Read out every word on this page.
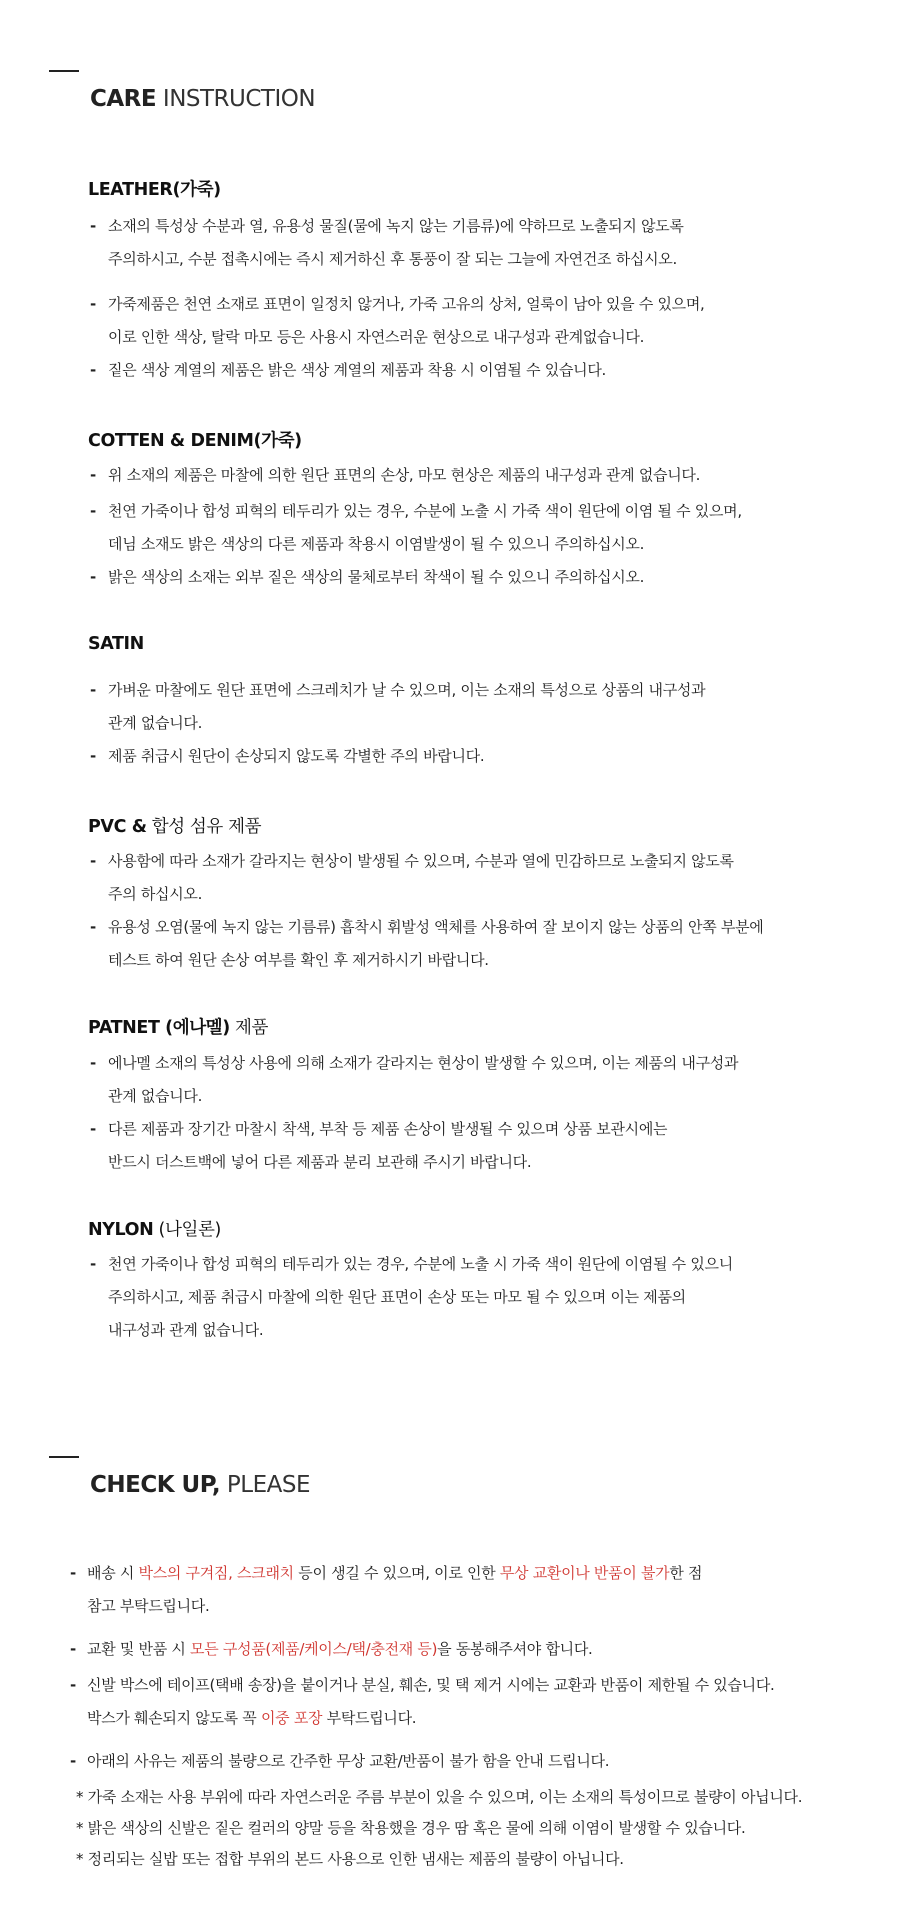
CARE INSTRUCTION
LEATHER(가죽)
- 소재의 특성상 수분과 열, 유용성 물질(물에 녹지 않는 기름류)에 약하므로 노출되지 않도록
주의하시고, 수분 접촉시에는 즉시 제거하신 후 통풍이 잘 되는 그늘에 자연건조 하십시오.
- 가죽제품은 천연 소재로 표면이 일정치 않거나, 가죽 고유의 상처, 얼룩이 남아 있을 수 있으며,
이로 인한 색상, 탈락 마모 등은 사용시 자연스러운 현상으로 내구성과 관계없습니다.
- 짙은 색상 계열의 제품은 밝은 색상 계열의 제품과 착용 시 이염될 수 있습니다.
COTTEN & DENIM(가죽)
- 위 소재의 제품은 마찰에 의한 원단 표면의 손상, 마모 현상은 제품의 내구성과 관계 없습니다.
- 천연 가죽이나 합성 피혁의 테두리가 있는 경우, 수분에 노출 시 가죽 색이 원단에 이염 될 수 있으며,
데님 소재도 밝은 색상의 다른 제품과 착용시 이염발생이 될 수 있으니 주의하십시오.
- 밝은 색상의 소재는 외부 짙은 색상의 물체로부터 착색이 될 수 있으니 주의하십시오.
SATIN
- 가벼운 마찰에도 원단 표면에 스크레치가 날 수 있으며, 이는 소재의 특성으로 상품의 내구성과
관계 없습니다.
- 제품 취급시 원단이 손상되지 않도록 각별한 주의 바랍니다.
PVC & 합성 섬유 제품
- 사용함에 따라 소재가 갈라지는 현상이 발생될 수 있으며, 수분과 열에 민감하므로 노출되지 않도록
주의 하십시오.
- 유용성 오염(물에 녹지 않는 기름류) 흡착시 휘발성 액체를 사용하여 잘 보이지 않는 상품의 안쪽 부분에
테스트 하여 원단 손상 여부를 확인 후 제거하시기 바랍니다.
PATNET (에나멜) 제품
- 에나멜 소재의 특성상 사용에 의해 소재가 갈라지는 현상이 발생할 수 있으며, 이는 제품의 내구성과
관계 없습니다.
- 다른 제품과 장기간 마찰시 착색, 부착 등 제품 손상이 발생될 수 있으며 상품 보관시에는
반드시 더스트백에 넣어 다른 제품과 분리 보관해 주시기 바랍니다.
NYLON (나일론)
- 천연 가죽이나 합성 피혁의 테두리가 있는 경우, 수분에 노출 시 가죽 색이 원단에 이염될 수 있으니
주의하시고, 제품 취급시 마찰에 의한 원단 표면이 손상 또는 마모 될 수 있으며 이는 제품의
내구성과 관계 없습니다.
CHECK UP, PLEASE
- 배송 시 박스의 구겨짐, 스크래치 등이 생길 수 있으며, 이로 인한 무상 교환이나 반품이 불가한 점
참고 부탁드립니다.
- 교환 및 반품 시 모든 구성품(제품/케이스/택/충전재 등)을 동봉해주셔야 합니다.
- 신발 박스에 테이프(택배 송장)을 붙이거나 분실, 훼손, 및 택 제거 시에는 교환과 반품이 제한될 수 있습니다.
박스가 훼손되지 않도록 꼭 이중 포장 부탁드립니다.
- 아래의 사유는 제품의 불량으로 간주한 무상 교환/반품이 불가 함을 안내 드립니다.
* 가죽 소재는 사용 부위에 따라 자연스러운 주름 부분이 있을 수 있으며, 이는 소재의 특성이므로 불량이 아닙니다.
* 밝은 색상의 신발은 짙은 컬러의 양말 등을 착용했을 경우 땀 혹은 물에 의해 이염이 발생할 수 있습니다.
* 정리되는 실밥 또는 접합 부위의 본드 사용으로 인한 냄새는 제품의 불량이 아닙니다.
